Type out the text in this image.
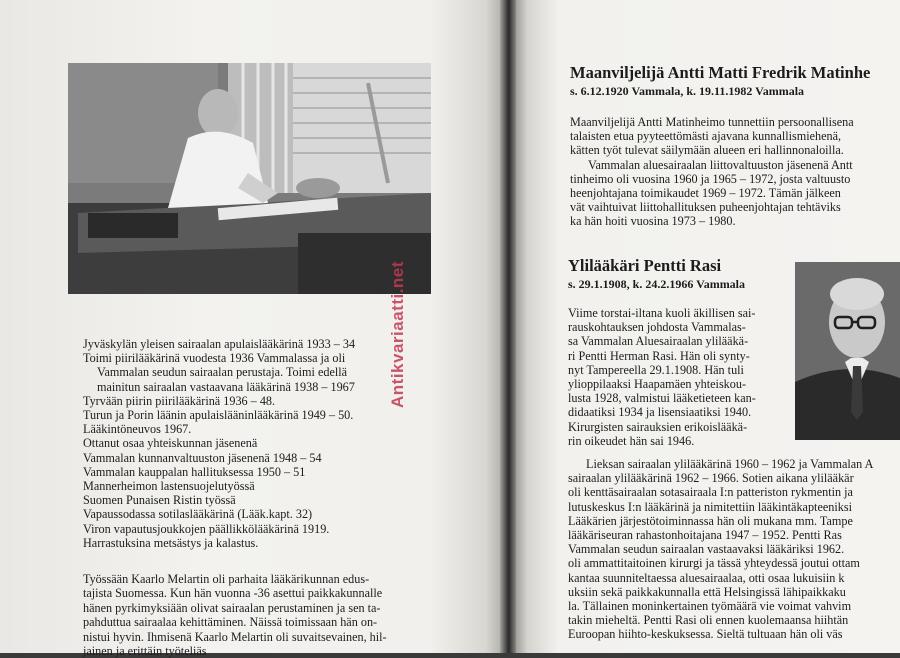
Antikvariaatti.net
Jyväskylän yleisen sairaalan apulaislääkärinä 1933 – 34
Toimi piirilääkärinä vuodesta 1936 Vammalassa ja oli
Vammalan seudun sairaalan perustaja. Toimi edellä
mainitun sairaalan vastaavana lääkärinä 1938 – 1967
Tyrvään piirin piirilääkärinä 1936 – 48.
Turun ja Porin läänin apulaislääninlääkärinä 1949 – 50.
Lääkintöneuvos 1967.
Ottanut osaa yhteiskunnan jäsenenä
Vammalan kunnanvaltuuston jäsenenä 1948 – 54
Vammalan kauppalan hallituksessa 1950 – 51
Mannerheimon lastensuojelutyössä
Suomen Punaisen Ristin työssä
Vapaussodassa sotilaslääkärinä (Lääk.kapt. 32)
Viron vapautusjoukkojen päällikkölääkärinä 1919.
Harrastuksina metsästys ja kalastus.
Työssään Kaarlo Melartin oli parhaita lääkärikunnan edus-
tajista Suomessa. Kun hän vuonna -36 asettui paikkakunnalle
hänen pyrkimyksiään olivat sairaalan perustaminen ja sen ta-
pahduttua sairaalaa kehittäminen. Näissä toimissaan hän on-
nistui hyvin. Ihmisenä Kaarlo Melartin oli suvaitsevainen, hil-
jainen ja erittäin työteliäs
Maanviljelijä Antti Matti Fredrik Matinhe
s. 6.12.1920 Vammala, k. 19.11.1982 Vammala
Maanviljelijä Antti Matinheimo tunnettiin persoonallisena
talaisten etua pyyteettömästi ajavana kunnallismiehenä,
kätten työt tulevat säilymään alueen eri hallinnonaloilla.
Vammalan aluesairaalan liittovaltuuston jäsenenä Antt
tinheimo oli vuosina 1960 ja 1965 – 1972, josta valtuusto
heenjohtajana toimikaudet 1969 – 1972. Tämän jälkeen
vät vaihtuivat liittohallituksen puheenjohtajan tehtäviks
ka hän hoiti vuosina 1973 – 1980.
Ylilääkäri Pentti Rasi
s. 29.1.1908, k. 24.2.1966 Vammala
Viime torstai-iltana kuoli äkillisen sai-
rauskohtauksen johdosta Vammalas-
sa Vammalan Aluesairaalan ylilääkä-
ri Pentti Herman Rasi. Hän oli synty-
nyt Tampereella 29.1.1908. Hän tuli
ylioppilaaksi Haapamäen yhteiskou-
lusta 1928, valmistui lääketieteen kan-
didaatiksi 1934 ja lisensiaatiksi 1940.
Kirurgisten sairauksien erikoislääkä-
rin oikeudet hän sai 1946.
Lieksan sairaalan ylilääkärinä 1960 – 1962 ja Vammalan A
sairaalan ylilääkärinä 1962 – 1966. Sotien aikana ylilääkär
oli kenttäsairaalan sotasairaala I:n patteriston rykmentin ja
lutuskeskus I:n lääkärinä ja nimitettiin lääkintäkapteeniksi
Lääkärien järjestötoiminnassa hän oli mukana mm. Tampe
lääkäriseuran rahastonhoitajana 1947 – 1952. Pentti Ras
Vammalan seudun sairaalan vastaavaksi lääkäriksi 1962.
oli ammattitaitoinen kirurgi ja tässä yhteydessä joutui ottam
kantaa suunniteltaessa aluesairaalaa, otti osaa lukuisiin k
uksiin sekä paikkakunnalla että Helsingissä lähipaikkaku
la. Tällainen moninkertainen työmäärä vie voimat vahvim
takin mieheltä. Pentti Rasi oli ennen kuolemaansa hiihtän
Euroopan hiihto-keskuksessa. Sieltä tultuaan hän oli väs
